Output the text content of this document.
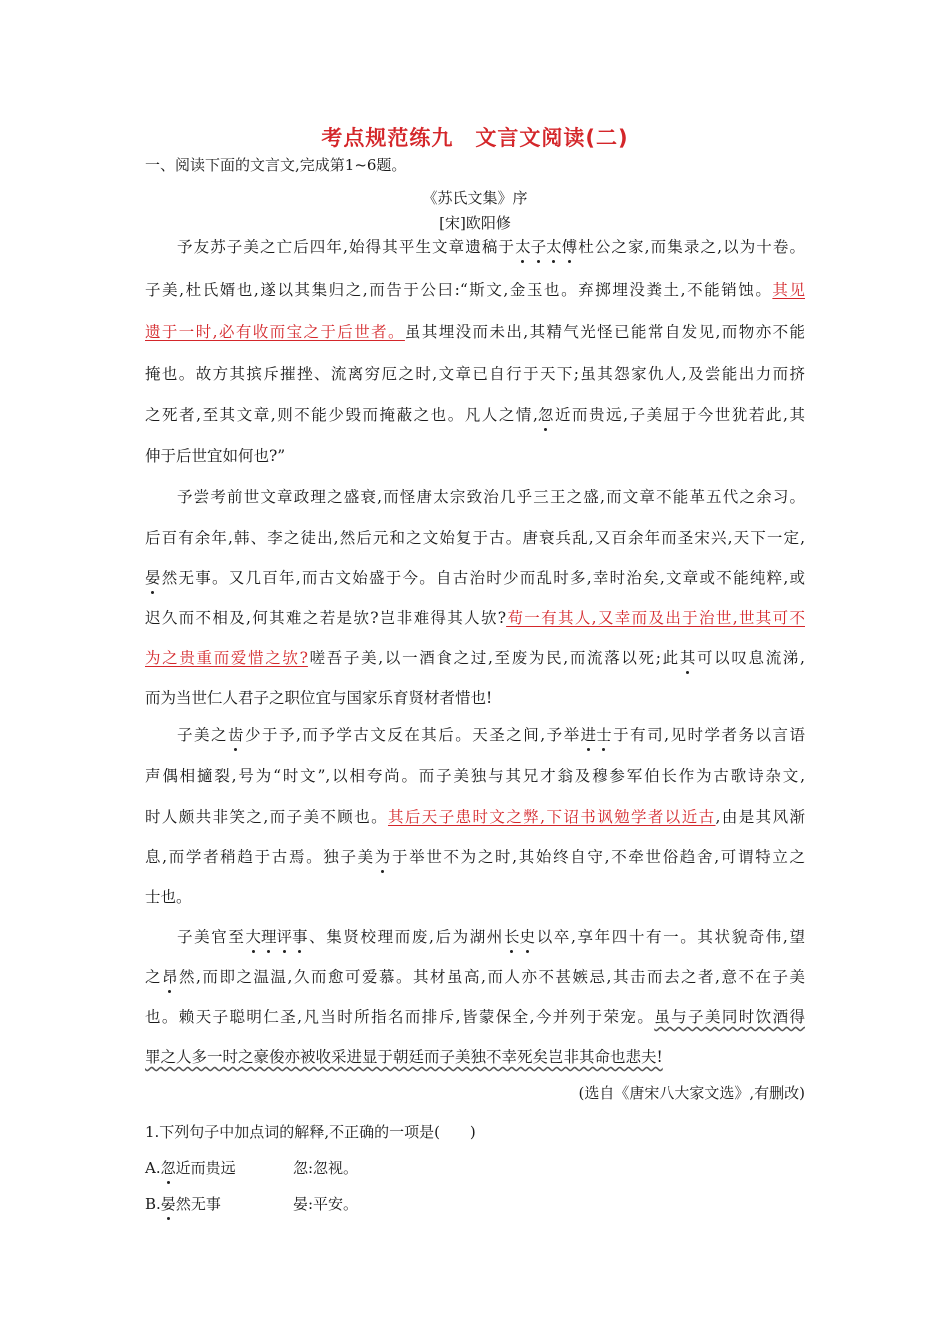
考点规范练九　文言文阅读(二)
一、阅读下面的文言文,完成第1~6题。
《苏氏文集》序
[宋]欧阳修
予友苏子美之亡后四年,始得其平生文章遗稿于太子太傅杜公之家,而集录之,以为十卷。
子美,杜氏婿也,遂以其集归之,而告于公曰:“斯文,金玉也。弃掷埋没粪土,不能销蚀。其见
遗于一时,必有收而宝之于后世者。虽其埋没而未出,其精气光怪已能常自发见,而物亦不能
掩也。故方其摈斥摧挫、流离穷厄之时,文章已自行于天下;虽其怨家仇人,及尝能出力而挤
之死者,至其文章,则不能少毁而掩蔽之也。凡人之情,忽近而贵远,子美屈于今世犹若此,其
伸于后世宜如何也?”
予尝考前世文章政理之盛衰,而怪唐太宗致治几乎三王之盛,而文章不能革五代之余习。
后百有余年,韩、李之徒出,然后元和之文始复于古。唐衰兵乱,又百余年而圣宋兴,天下一定,
晏然无事。又几百年,而古文始盛于今。自古治时少而乱时多,幸时治矣,文章或不能纯粹,或
迟久而不相及,何其难之若是欤?岂非难得其人欤?苟一有其人,又幸而及出于治世,世其可不
为之贵重而爱惜之欤?嗟吾子美,以一酒食之过,至废为民,而流落以死;此其可以叹息流涕,
而为当世仁人君子之职位宜与国家乐育贤材者惜也!
子美之齿少于予,而予学古文反在其后。天圣之间,予举进士于有司,见时学者务以言语
声偶相擿裂,号为“时文”,以相夸尚。而子美独与其兄才翁及穆参军伯长作为古歌诗杂文,
时人颇共非笑之,而子美不顾也。其后天子患时文之弊,下诏书讽勉学者以近古,由是其风渐
息,而学者稍趋于古焉。独子美为于举世不为之时,其始终自守,不牵世俗趋舍,可谓特立之
士也。
子美官至大理评事、集贤校理而废,后为湖州长史以卒,享年四十有一。其状貌奇伟,望
之昂然,而即之温温,久而愈可爱慕。其材虽高,而人亦不甚嫉忌,其击而去之者,意不在子美
也。赖天子聪明仁圣,凡当时所指名而排斥,皆蒙保全,今并列于荣宠。虽与子美同时饮酒得
罪之人多一时之豪俊亦被收采进显于朝廷而子美独不幸死矣岂非其命也悲夫!
(选自《唐宋八大家文选》,有删改)
1.下列句子中加点词的解释,不正确的一项是(　　)
A.忽近而贵远	忽:忽视。
B.晏然无事	晏:平安。
